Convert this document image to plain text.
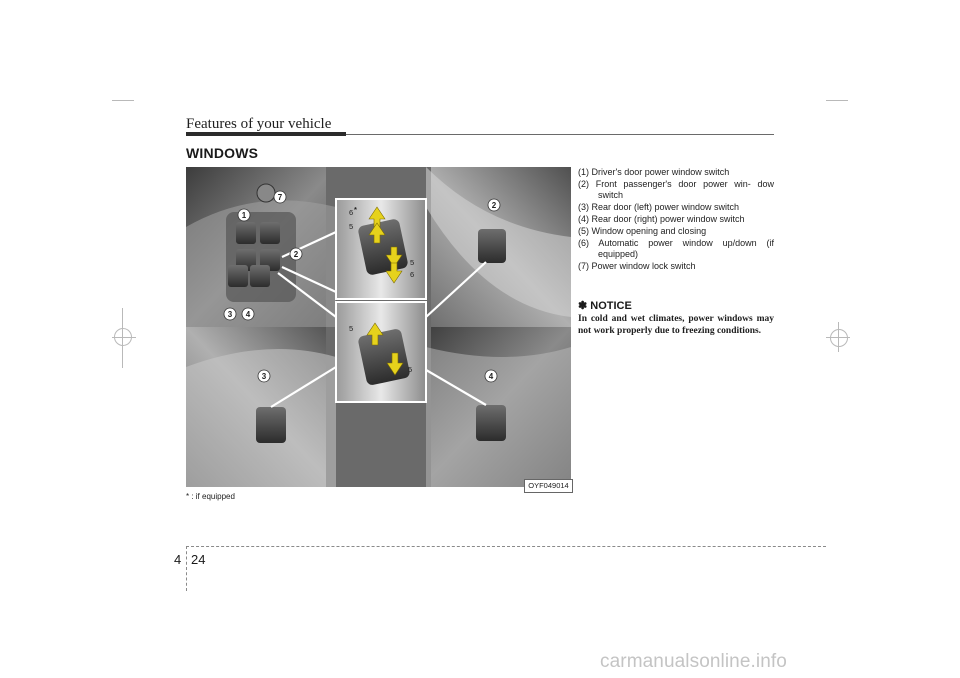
Features of your vehicle
WINDOWS
1
2
3 4
7
2
3	4
6 *
5
5
6
5
5
OYF049014
* : if equipped
(1) Driver's door power window switch
(2) Front passenger's door power win- dow switch
(3) Rear door (left) power window switch
(4) Rear door (right) power window switch
(5) Window opening and closing
(6) Automatic power window up/down (if equipped)
(7) Power window lock switch
✽ NOTICE
In cold and wet climates, power windows may not work properly due to freezing conditions.
4 24
carmanualsonline.info
